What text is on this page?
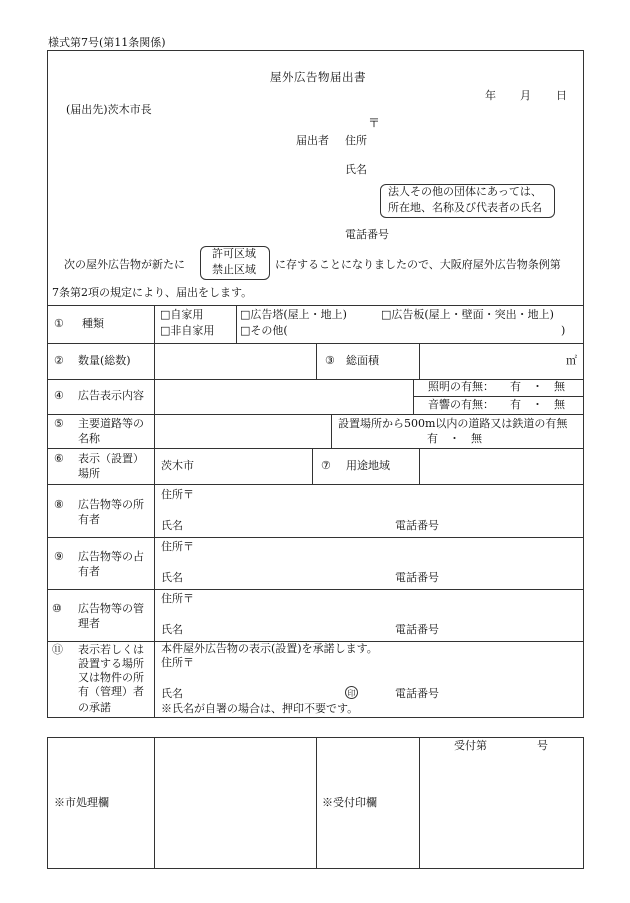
様式第7号(第11条関係)
屋外広告物届出書
年 月 日
(届出先)茨木市長
〒
届出者 住所
氏名
法人その他の団体にあっては、
所在地、名称及び代表者の氏名
電話番号
次の屋外広告物が新たに
許可区域
禁止区域 に存することになりましたので、大阪府屋外広告物条例第
7条第2項の規定により、届出をします。
① 種類
□自家用
□非自家用
□広告塔(屋上・地上)	□広告板(屋上・壁面・突出・地上)
□その他(	)
② 数量(総数)	③ 総面積	㎡
④ 広告表示内容
照明の有無： 有　・　無
音響の有無： 有　・　無
⑤ 主要道路等の
名称
設置場所から500m以内の道路又は鉄道の有無
有　・　無
⑥ 表示（設置）
場所
茨木市	⑦ 用途地域
⑧ 広告物等の所
有者
住所〒
氏名	電話番号
⑨ 広告物等の占
有者
住所〒
氏名	電話番号
⑩ 広告物等の管
理者
住所〒
氏名	電話番号
⑪ 表示若しくは
設置する場所
又は物件の所
有（管理）者
の承諾
本件屋外広告物の表示(設置)を承諾します。
住所〒
氏名	印	電話番号
※氏名が自署の場合は、押印不要です。
※市処理欄	※受付印欄
受付第	号
